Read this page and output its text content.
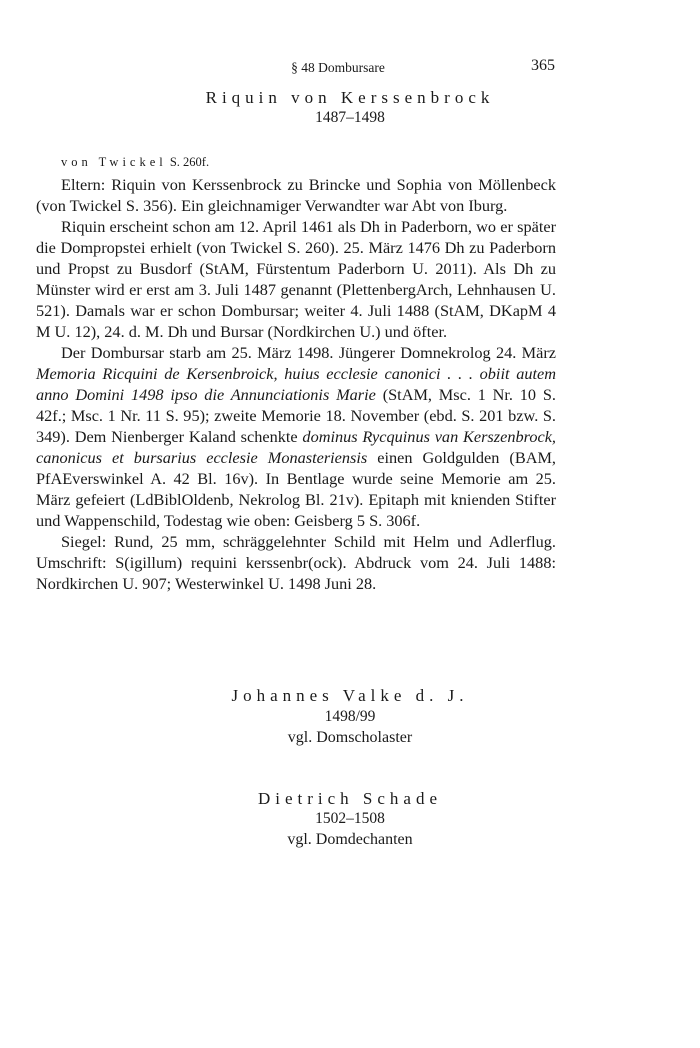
§ 48 Dombursare	365
Riquin von Kerssenbrock
1487–1498

von Twickel S. 260f.

Eltern: Riquin von Kerssenbrock zu Brincke und Sophia von Möllenbeck (von Twickel S. 356). Ein gleichnamiger Verwandter war Abt von Iburg.

Riquin erscheint schon am 12. April 1461 als Dh in Paderborn, wo er später die Dompropstei erhielt (von Twickel S. 260). 25. März 1476 Dh zu Paderborn und Propst zu Busdorf (StAM, Fürstentum Paderborn U. 2011). Als Dh zu Münster wird er erst am 3. Juli 1487 genannt (PlettenbergArch, Lehnhausen U. 521). Damals war er schon Dombursar; weiter 4. Juli 1488 (StAM, DKapM 4 M U. 12), 24. d. M. Dh und Bursar (Nordkirchen U.) und öfter.

Der Dombursar starb am 25. März 1498. Jüngerer Domnekrolog 24. März Memoria Ricquini de Kersenbroick, huius ecclesie canonici . . . obiit autem anno Domini 1498 ipso die Annunciationis Marie (StAM, Msc. 1 Nr. 10 S. 42f.; Msc. 1 Nr. 11 S. 95); zweite Memorie 18. November (ebd. S. 201 bzw. S. 349). Dem Nienberger Kaland schenkte dominus Rycquinus van Kerszenbrock, canonicus et bursarius ecclesie Monasteriensis einen Goldgulden (BAM, PfAEverswinkel A. 42 Bl. 16v). In Bentlage wurde seine Memorie am 25. März gefeiert (LdBiblOldenb, Nekrolog Bl. 21v). Epitaph mit knienden Stifter und Wappenschild, Todestag wie oben: Geisberg 5 S. 306f.

Siegel: Rund, 25 mm, schräggelehnter Schild mit Helm und Adlerflug. Umschrift: S(igillum) requini kerssenbr(ock). Abdruck vom 24. Juli 1488: Nordkirchen U. 907; Westerwinkel U. 1498 Juni 28.

Johannes Valke d. J.
1498/99
vgl. Domscholaster
Dietrich Schade
1502–1508
vgl. Domdechanten
